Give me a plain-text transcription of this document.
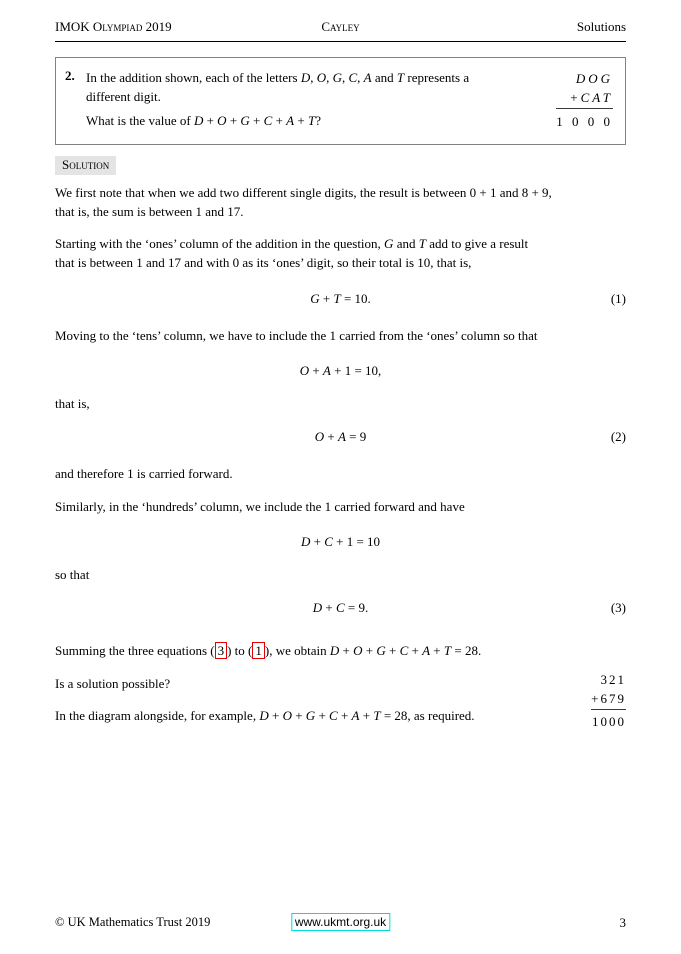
IMOK Olympiad 2019	Cayley	Solutions
2. In the addition shown, each of the letters D, O, G, C, A and T represents a
different digit.
What is the value of D + O + G + C + A + T?
DOG
+CAT
1 0 0 0
Solution
We first note that when we add two different single digits, the result is between 0 + 1 and 8 + 9,
that is, the sum is between 1 and 17.
Starting with the ‘ones’ column of the addition in the question, G and T add to give a result
that is between 1 and 17 and with 0 as its ‘ones’ digit, so their total is 10, that is,
G + T = 10.	(1)
Moving to the ‘tens’ column, we have to include the 1 carried from the ‘ones’ column so that
O + A + 1 = 10,
that is,
O + A = 9	(2)
and therefore 1 is carried forward.
Similarly, in the ‘hundreds’ column, we include the 1 carried forward and have
D + C + 1 = 10
so that
D + C = 9.	(3)
Summing the three equations ( 3 ) to ( 1 ), we obtain D + O + G + C + A + T = 28.
Is a solution possible?
In the diagram alongside, for example, D + O + G + C + A + T = 28, as required.
321
+679
1000
© UK Mathematics Trust 2019	www.ukmt.org.uk	3
